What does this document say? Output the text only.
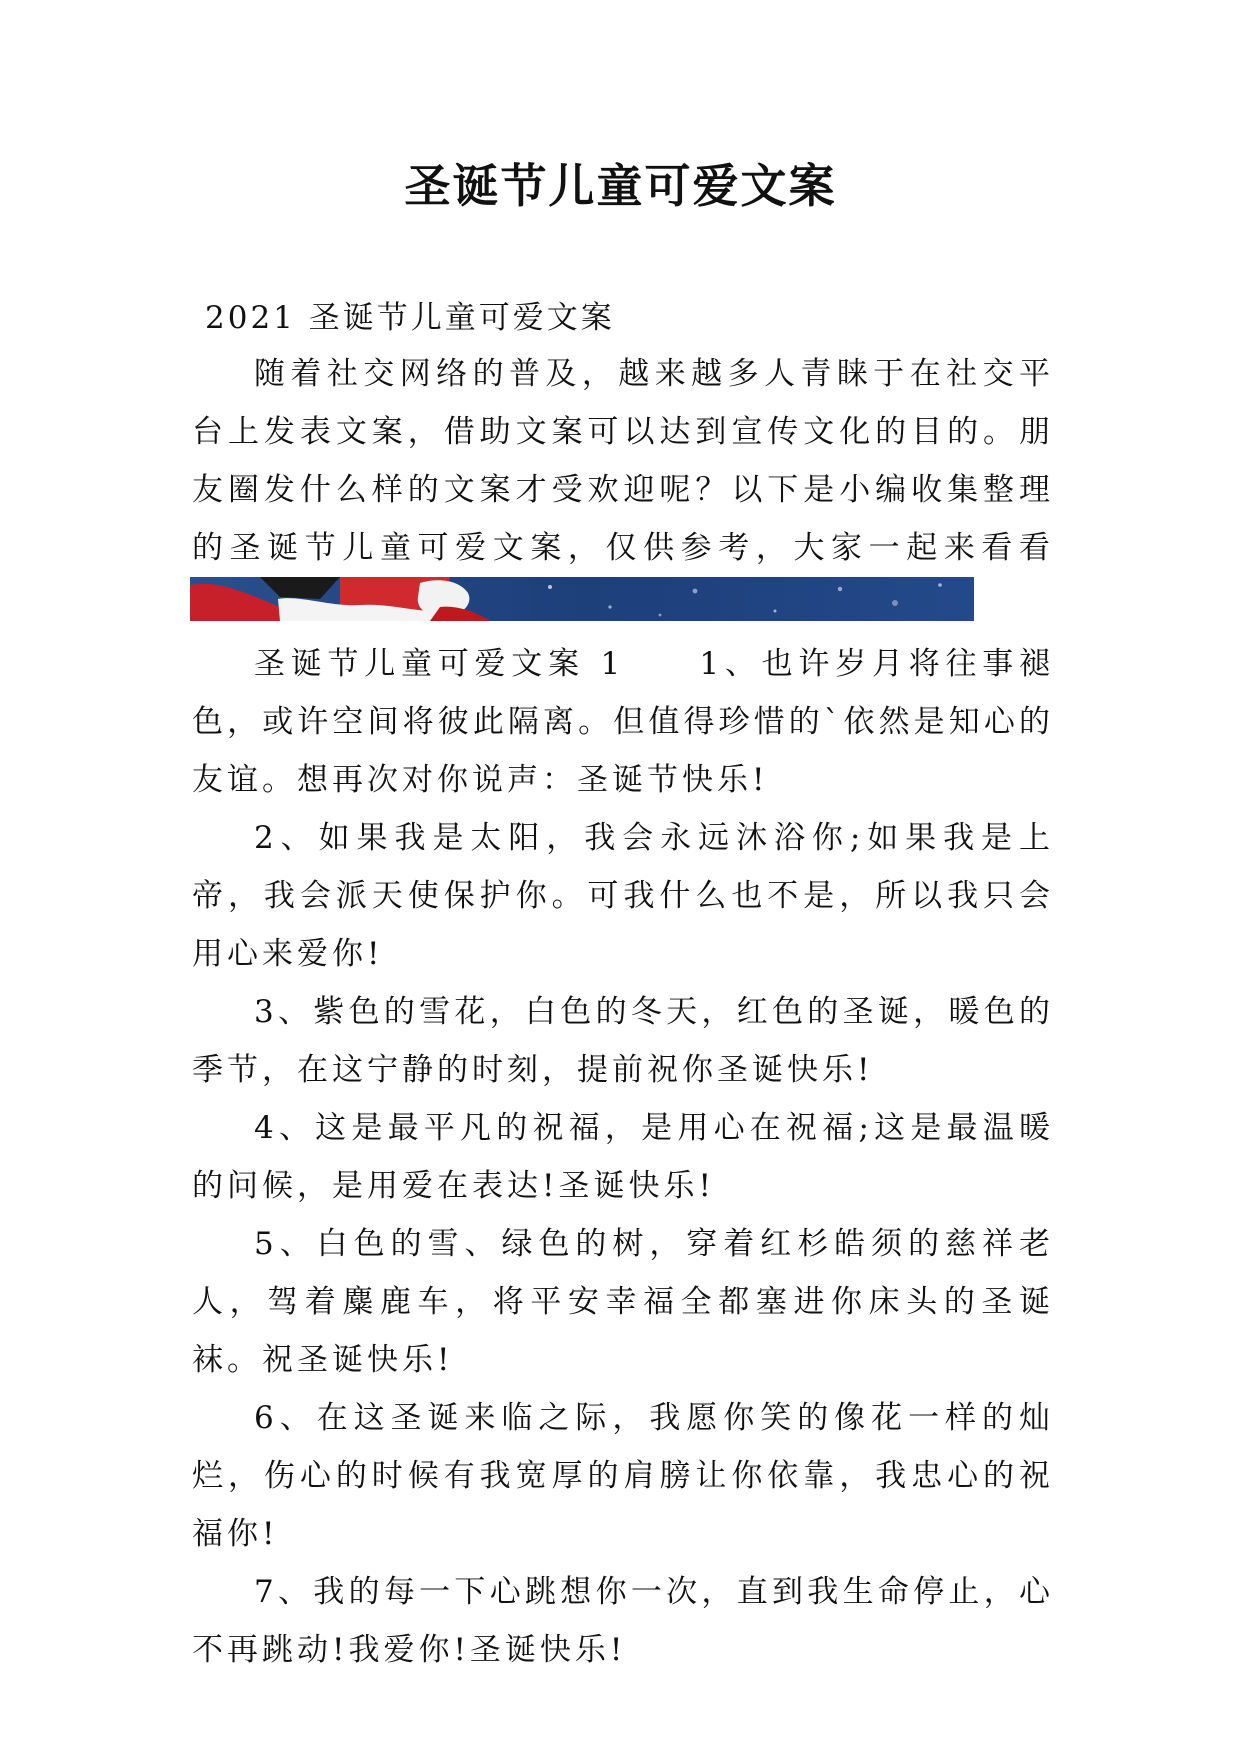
圣诞节儿童可爱文案
2021 圣诞节儿童可爱文案

随着社交网络的普及，越来越多人青睐于在社交平台上发表文案，借助文案可以达到宣传文化的目的。朋友圈发什么样的文案才受欢迎呢？以下是小编收集整理的圣诞节儿童可爱文案，仅供参考，大家一起来看看

圣诞节儿童可爱文案 1　　1、也许岁月将往事褪色，或许空间将彼此隔离。但值得珍惜的`依然是知心的友谊。想再次对你说声：圣诞节快乐!

2、如果我是太阳，我会永远沐浴你;如果我是上帝，我会派天使保护你。可我什么也不是，所以我只会用心来爱你!

3、紫色的雪花，白色的冬天，红色的圣诞，暖色的季节，在这宁静的时刻，提前祝你圣诞快乐!

4、这是最平凡的祝福，是用心在祝福;这是最温暖的问候，是用爱在表达!圣诞快乐!

5、白色的雪、绿色的树，穿着红杉皓须的慈祥老人，驾着麋鹿车，将平安幸福全都塞进你床头的圣诞袜。祝圣诞快乐!

6、在这圣诞来临之际，我愿你笑的像花一样的灿烂，伤心的时候有我宽厚的肩膀让你依靠，我忠心的祝福你!

7、我的每一下心跳想你一次，直到我生命停止，心不再跳动!我爱你!圣诞快乐!
